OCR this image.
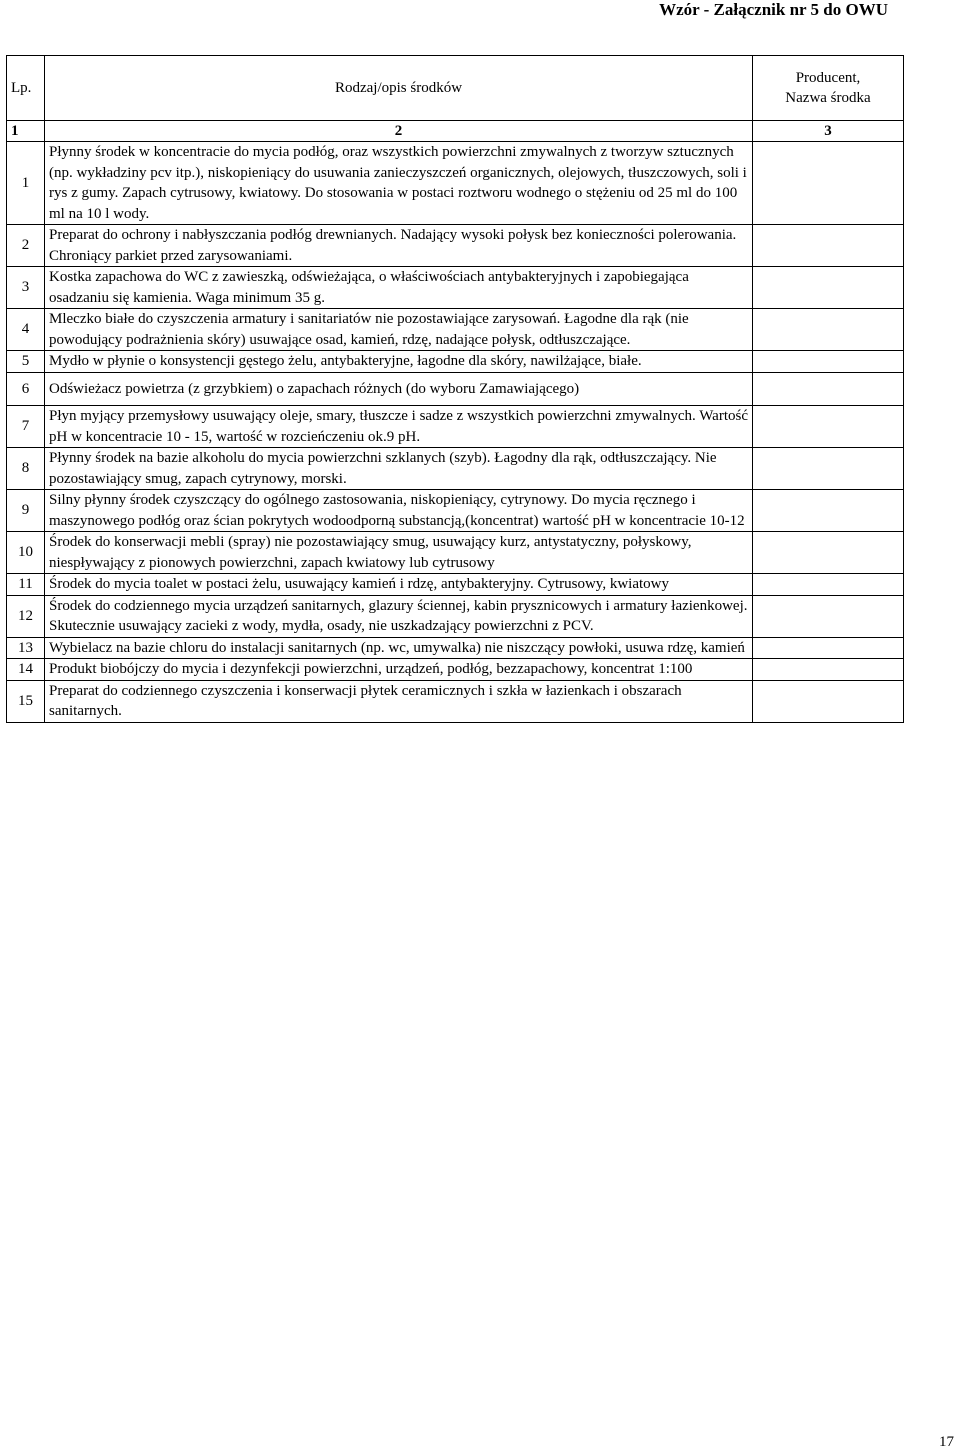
Wzór - Załącznik nr 5 do OWU
Lp.	Rodzaj/opis środków	Producent,
Nazwa środka
1	2	3
1	Płynny środek w koncentracie do mycia podłóg, oraz wszystkich powierzchni zmywalnych z tworzyw sztucznych (np. wykładziny pcv itp.), niskopieniący do usuwania zanieczyszczeń organicznych, olejowych, tłuszczowych, soli i rys z gumy. Zapach cytrusowy, kwiatowy. Do stosowania w postaci roztworu wodnego o stężeniu od 25 ml do 100 ml na 10 l wody.	
2	Preparat do ochrony i nabłyszczania podłóg drewnianych. Nadający wysoki połysk bez konieczności polerowania. Chroniący parkiet przed zarysowaniami.	
3	Kostka zapachowa do WC z zawieszką, odświeżająca, o właściwościach antybakteryjnych i zapobiegająca osadzaniu się kamienia. Waga minimum 35 g.	
4	Mleczko białe do czyszczenia armatury i sanitariatów nie pozostawiające zarysowań. Łagodne dla rąk (nie powodujący podrażnienia skóry) usuwające osad, kamień, rdzę, nadające połysk, odtłuszczające.	
5	Mydło w płynie o konsystencji gęstego żelu, antybakteryjne, łagodne dla skóry, nawilżające, białe.	
6	Odświeżacz powietrza (z grzybkiem) o zapachach różnych (do wyboru Zamawiającego)	
7	Płyn myjący przemysłowy usuwający oleje, smary, tłuszcze i sadze z wszystkich powierzchni zmywalnych. Wartość pH w koncentracie 10 - 15, wartość w rozcieńczeniu ok.9 pH.	
8	Płynny środek na bazie alkoholu do mycia powierzchni szklanych (szyb). Łagodny dla rąk, odtłuszczający. Nie pozostawiający smug, zapach cytrynowy, morski.	
9	Silny płynny środek czyszczący do ogólnego zastosowania, niskopieniący, cytrynowy. Do mycia ręcznego i maszynowego podłóg oraz ścian pokrytych wodoodporną substancją,(koncentrat) wartość pH w koncentracie 10-12	
10	Środek do konserwacji mebli (spray) nie pozostawiający smug, usuwający kurz, antystatyczny, połyskowy, niespływający z pionowych powierzchni, zapach kwiatowy lub cytrusowy	
11	Środek do mycia toalet w postaci żelu, usuwający kamień i rdzę, antybakteryjny. Cytrusowy, kwiatowy	
12	Środek do codziennego mycia urządzeń sanitarnych, glazury ściennej, kabin prysznicowych i armatury łazienkowej. Skutecznie usuwający zacieki z wody, mydła, osady, nie uszkadzający powierzchni z PCV.	
13	Wybielacz na bazie chloru do instalacji sanitarnych (np. wc, umywalka) nie niszczący powłoki, usuwa rdzę, kamień	
14	Produkt biobójczy do mycia i dezynfekcji powierzchni, urządzeń, podłóg, bezzapachowy, koncentrat 1:100	
15	Preparat do codziennego czyszczenia i konserwacji płytek ceramicznych i szkła w łazienkach i obszarach sanitarnych.	
17
